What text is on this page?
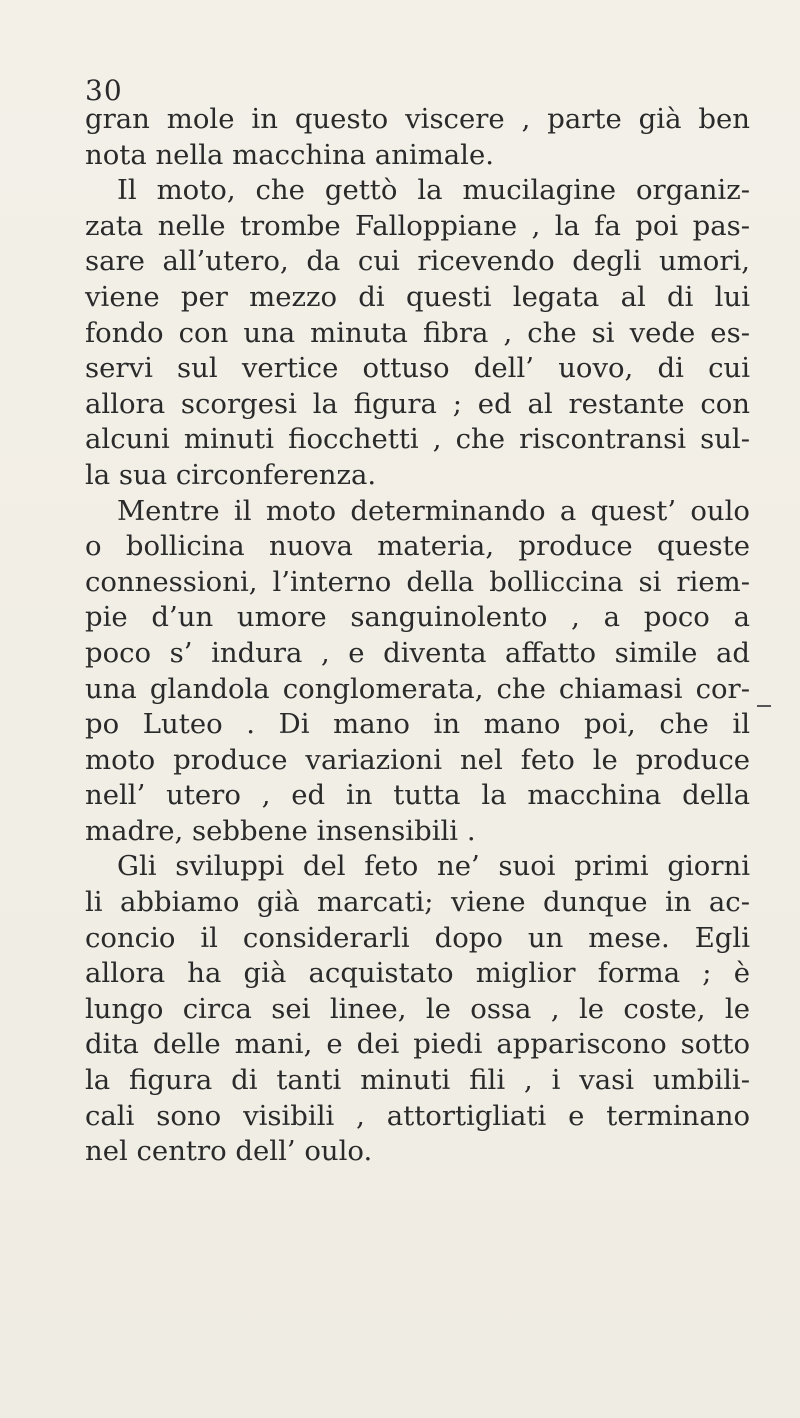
30
gran mole in questo viscere , parte già ben
nota nella macchina animale.
Il moto, che gettò la mucilagine organiz-
zata nelle trombe Falloppiane , la fa poi pas-
sare all’utero, da cui ricevendo degli umori,
viene per mezzo di questi legata al di lui
fondo con una minuta fibra , che si vede es-
servi sul vertice ottuso dell’ uovo, di cui
allora scorgesi la figura ; ed al restante con
alcuni minuti fiocchetti , che riscontransi sul-
la sua circonferenza.
Mentre il moto determinando a quest’ oulo
o bollicina nuova materia, produce queste
connessioni, l’interno della bolliccina si riem-
pie d’un umore sanguinolento , a poco a
poco s’ indura , e diventa affatto simile ad
una glandola conglomerata, che chiamasi cor-
po Luteo . Di mano in mano poi, che il
moto produce variazioni nel feto le produce
nell’ utero , ed in tutta la macchina della
madre, sebbene insensibili .
Gli sviluppi del feto ne’ suoi primi giorni
li abbiamo già marcati; viene dunque in ac-
concio il considerarli dopo un mese. Egli
allora ha già acquistato miglior forma ; è
lungo circa sei linee, le ossa , le coste, le
dita delle mani, e dei piedi appariscono sotto
la figura di tanti minuti fili , i vasi umbili-
cali sono visibili , attortigliati e terminano
nel centro dell’ oulo.
